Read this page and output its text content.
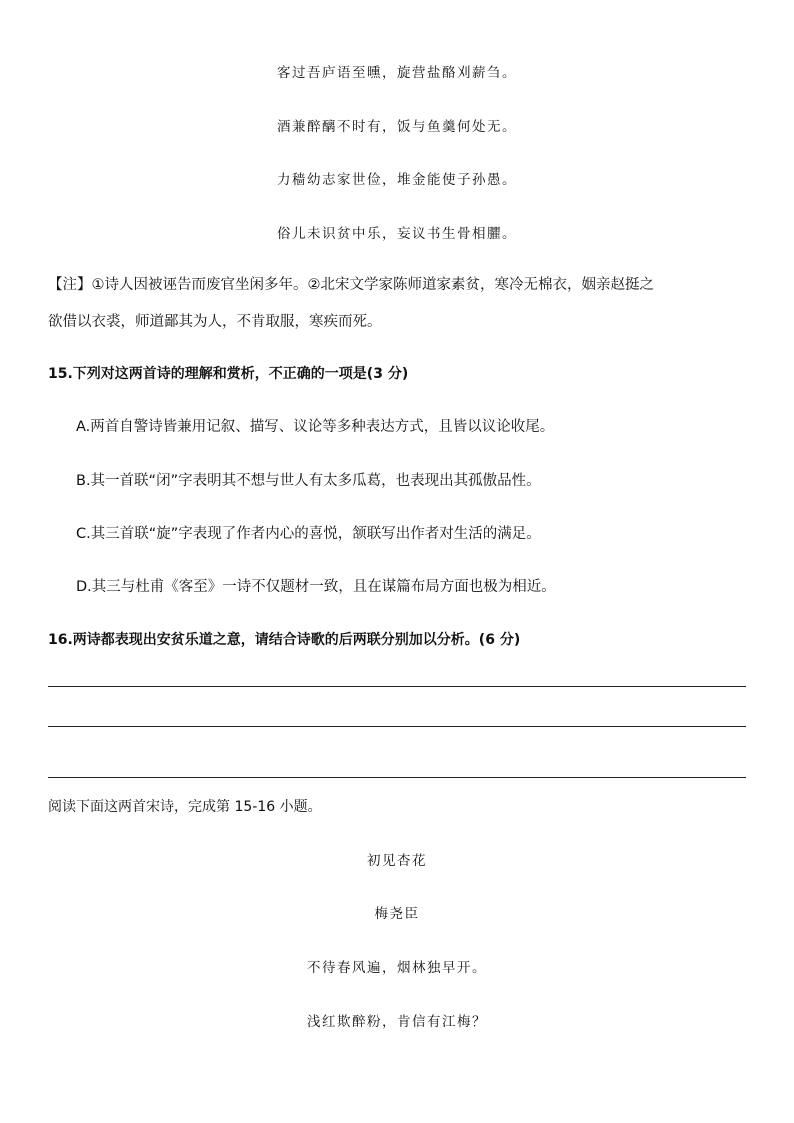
客过吾庐语至曛，旋营盐酪刈薪刍。
酒兼醉醨不时有，饭与鱼羹何处无。
力穑幼志家世俭，堆金能使子孙愚。
俗儿未识贫中乐，妄议书生骨相臞。
【注】①诗人因被诬告而废官坐闲多年。②北宋文学家陈师道家素贫，寒冷无棉衣，姻亲赵挺之
欲借以衣裘，师道鄙其为人，不肯取服，寒疾而死。
15.下列对这两首诗的理解和赏析，不正确的一项是(3 分)
A.两首自警诗皆兼用记叙、描写、议论等多种表达方式，且皆以议论收尾。
B.其一首联“闭”字表明其不想与世人有太多瓜葛，也表现出其孤傲品性。
C.其三首联“旋”字表现了作者内心的喜悦，颔联写出作者对生活的满足。
D.其三与杜甫《客至》一诗不仅题材一致，且在谋篇布局方面也极为相近。
16.两诗都表现出安贫乐道之意，请结合诗歌的后两联分别加以分析。(6 分)
阅读下面这两首宋诗，完成第 15-16 小题。
初见杏花
梅尧臣
不待春风遍，烟林独早开。
浅红欺醉粉，肯信有江梅？
